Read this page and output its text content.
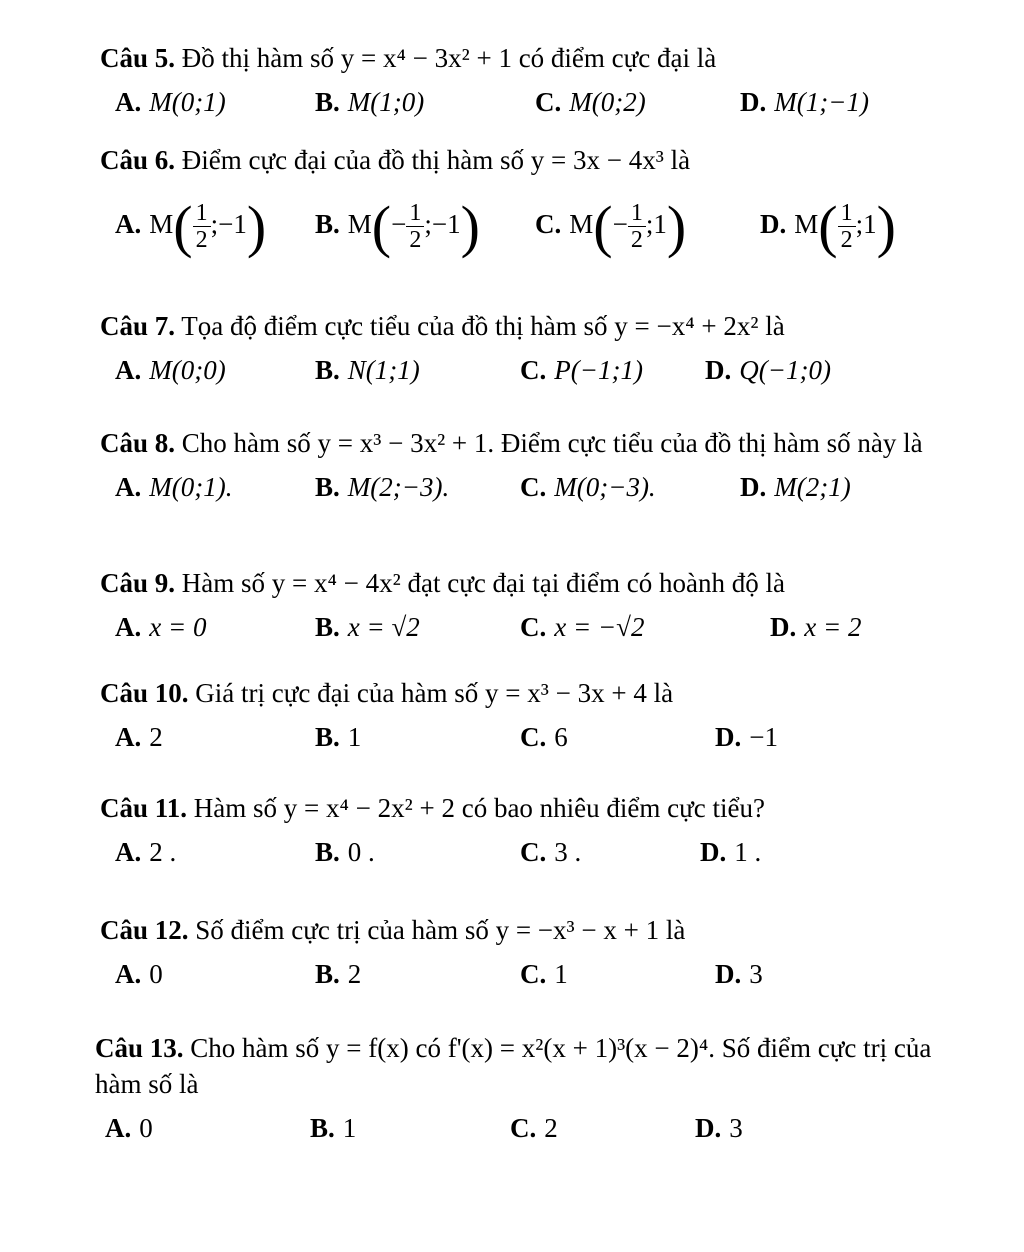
Câu 5. Đồ thị hàm số y = x⁴ − 3x² + 1 có điểm cực đại là
A. M(0;1)	B. M(1;0)	C. M(0;2)	D. M(1;−1)
Câu 6. Điểm cực đại của đồ thị hàm số y = 3x − 4x³ là
A. $M( \frac{1}{2}$ ;−1) B. $M(- \frac{1}{2}$ ;−1) C. $M(- \frac{1}{2}$ ;1)	D. $M( \frac{1}{2}$ ;1)
Câu 7. Tọa độ điểm cực tiểu của đồ thị hàm số y = −x⁴ + 2x² là
A. M(0;0)	B. N(1;1)	C. P(−1;1) D. Q(−1;0)
Câu 8. Cho hàm số y = x³ − 3x² + 1. Điểm cực tiểu của đồ thị hàm số này là
A. M(0;1).	B. M(2;−3).	C. M(0;−3).	D. M(2;1)
Câu 9. Hàm số y = x⁴ − 4x² đạt cực đại tại điểm có hoành độ là
A. x = 0	B. x = √2	C. x = −√2	D. x = 2
Câu 10. Giá trị cực đại của hàm số y = x³ − 3x + 4 là
A. 2	B. 1	C. 6	D. −1
Câu 11. Hàm số y = x⁴ − 2x² + 2 có bao nhiêu điểm cực tiểu?
A. 2 .	B. 0 .	C. 3 .	D. 1 .
Câu 12. Số điểm cực trị của hàm số y = −x³ − x + 1 là
A. 0	B. 2	C. 1	D. 3
Câu 13. Cho hàm số y = f(x) có f'(x) = x²(x + 1)³(x − 2)⁴. Số điểm cực trị của hàm số là
A. 0	B. 1	C. 2	D. 3
